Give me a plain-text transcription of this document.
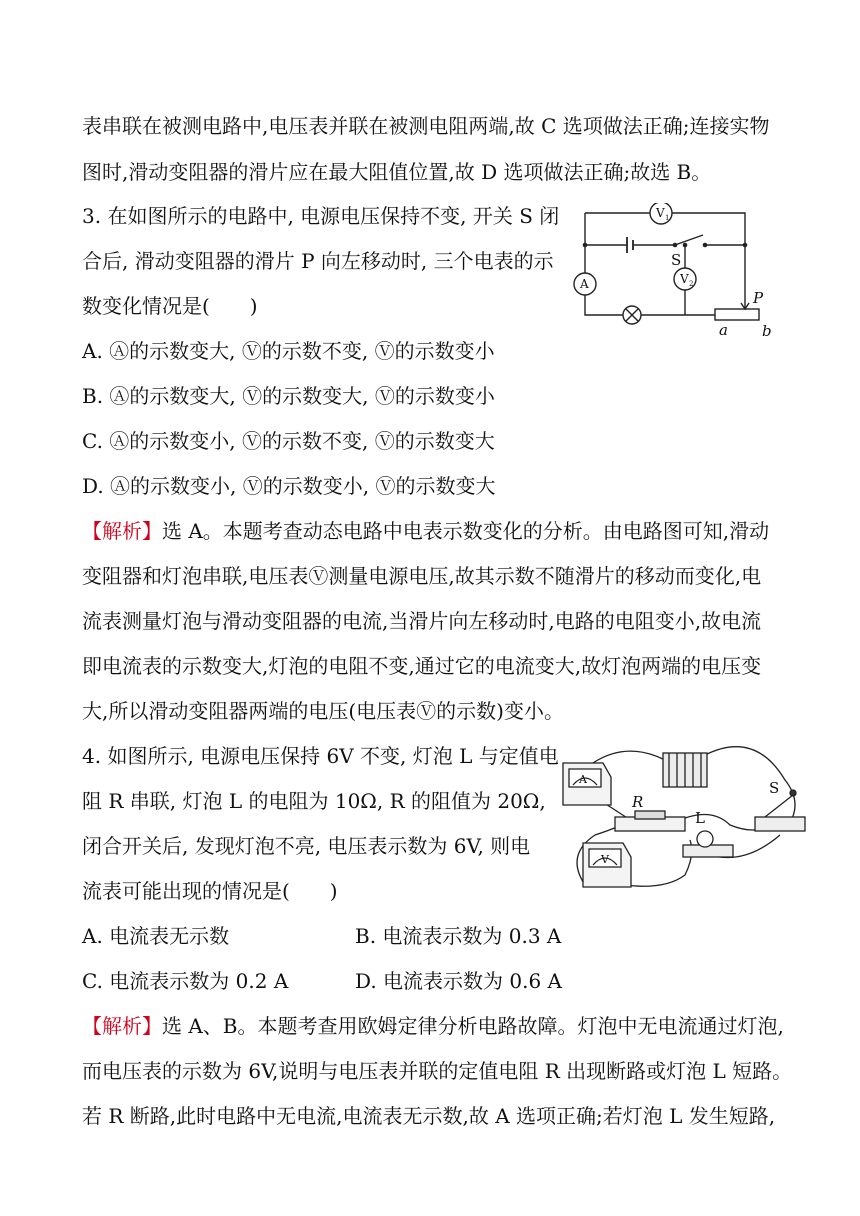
表串联在被测电路中,电压表并联在被测电阻两端,故 C 选项做法正确;连接实物
图时,滑动变阻器的滑片应在最大阻值位置,故 D 选项做法正确;故选 B。
3. 在如图所示的电路中, 电源电压保持不变, 开关 S 闭
合后, 滑动变阻器的滑片 P 向左移动时, 三个电表的示
数变化情况是(　　)
A. Ⓐ的示数变大, Ⓥ的示数不变, Ⓥ的示数变小
B. Ⓐ的示数变大, Ⓥ的示数变大, Ⓥ的示数变小
C. Ⓐ的示数变小, Ⓥ的示数不变, Ⓥ的示数变大
D. Ⓐ的示数变小, Ⓥ的示数变小, Ⓥ的示数变大
【解析】选 A。本题考查动态电路中电表示数变化的分析。由电路图可知,滑动
变阻器和灯泡串联,电压表Ⓥ测量电源电压,故其示数不随滑片的移动而变化,电
流表测量灯泡与滑动变阻器的电流,当滑片向左移动时,电路的电阻变小,故电流
即电流表的示数变大,灯泡的电阻不变,通过它的电流变大,故灯泡两端的电压变
大,所以滑动变阻器两端的电压(电压表Ⓥ的示数)变小。
V 1
V 2
A
S
P
a b
4. 如图所示, 电源电压保持 6V 不变, 灯泡 L 与定值电
阻 R 串联, 灯泡 L 的电阻为 10Ω, R 的阻值为 20Ω,
闭合开关后, 发现灯泡不亮, 电压表示数为 6V, 则电
流表可能出现的情况是(　　)
A. 电流表无示数	B. 电流表示数为 0.3 A
C. 电流表示数为 0.2 A	D. 电流表示数为 0.6 A
【解析】选 A、B。本题考查用欧姆定律分析电路故障。灯泡中无电流通过灯泡,
而电压表的示数为 6V,说明与电压表并联的定值电阻 R 出现断路或灯泡 L 短路。
若 R 断路,此时电路中无电流,电流表无示数,故 A 选项正确;若灯泡 L 发生短路,
A
R
V
S
L
